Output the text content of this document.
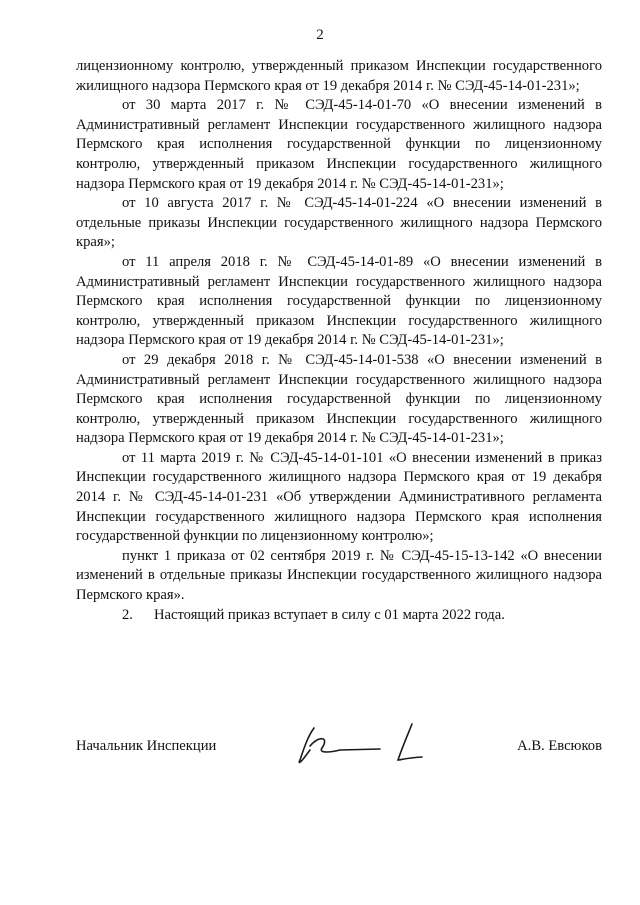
2

лицензионному контролю, утвержденный приказом Инспекции государственного жилищного надзора Пермского края от 19 декабря 2014 г. № СЭД-45-14-01-231»;

от 30 марта 2017 г. № СЭД-45-14-01-70 «О внесении изменений в Административный регламент Инспекции государственного жилищного надзора Пермского края исполнения государственной функции по лицензионному контролю, утвержденный приказом Инспекции государственного жилищного надзора Пермского края от 19 декабря 2014 г. № СЭД-45-14-01-231»;

от 10 августа 2017 г. № СЭД-45-14-01-224 «О внесении изменений в отдельные приказы Инспекции государственного жилищного надзора Пермского края»;

от 11 апреля 2018 г. № СЭД-45-14-01-89 «О внесении изменений в Административный регламент Инспекции государственного жилищного надзора Пермского края исполнения государственной функции по лицензионному контролю, утвержденный приказом Инспекции государственного жилищного надзора Пермского края от 19 декабря 2014 г. № СЭД-45-14-01-231»;

от 29 декабря 2018 г. № СЭД-45-14-01-538 «О внесении изменений в Административный регламент Инспекции государственного жилищного надзора Пермского края исполнения государственной функции по лицензионному контролю, утвержденный приказом Инспекции государственного жилищного надзора Пермского края от 19 декабря 2014 г. № СЭД-45-14-01-231»;

от 11 марта 2019 г. № СЭД-45-14-01-101 «О внесении изменений в приказ Инспекции государственного жилищного надзора Пермского края от 19 декабря 2014 г. № СЭД-45-14-01-231 «Об утверждении Административного регламента Инспекции государственного жилищного надзора Пермского края исполнения государственной функции по лицензионному контролю»;

пункт 1 приказа от 02 сентября 2019 г. № СЭД-45-15-13-142 «О внесении изменений в отдельные приказы Инспекции государственного жилищного надзора Пермского края».

2.	Настоящий приказ вступает в силу с 01 марта 2022 года.
Начальник Инспекции	А.В. Евсюков
